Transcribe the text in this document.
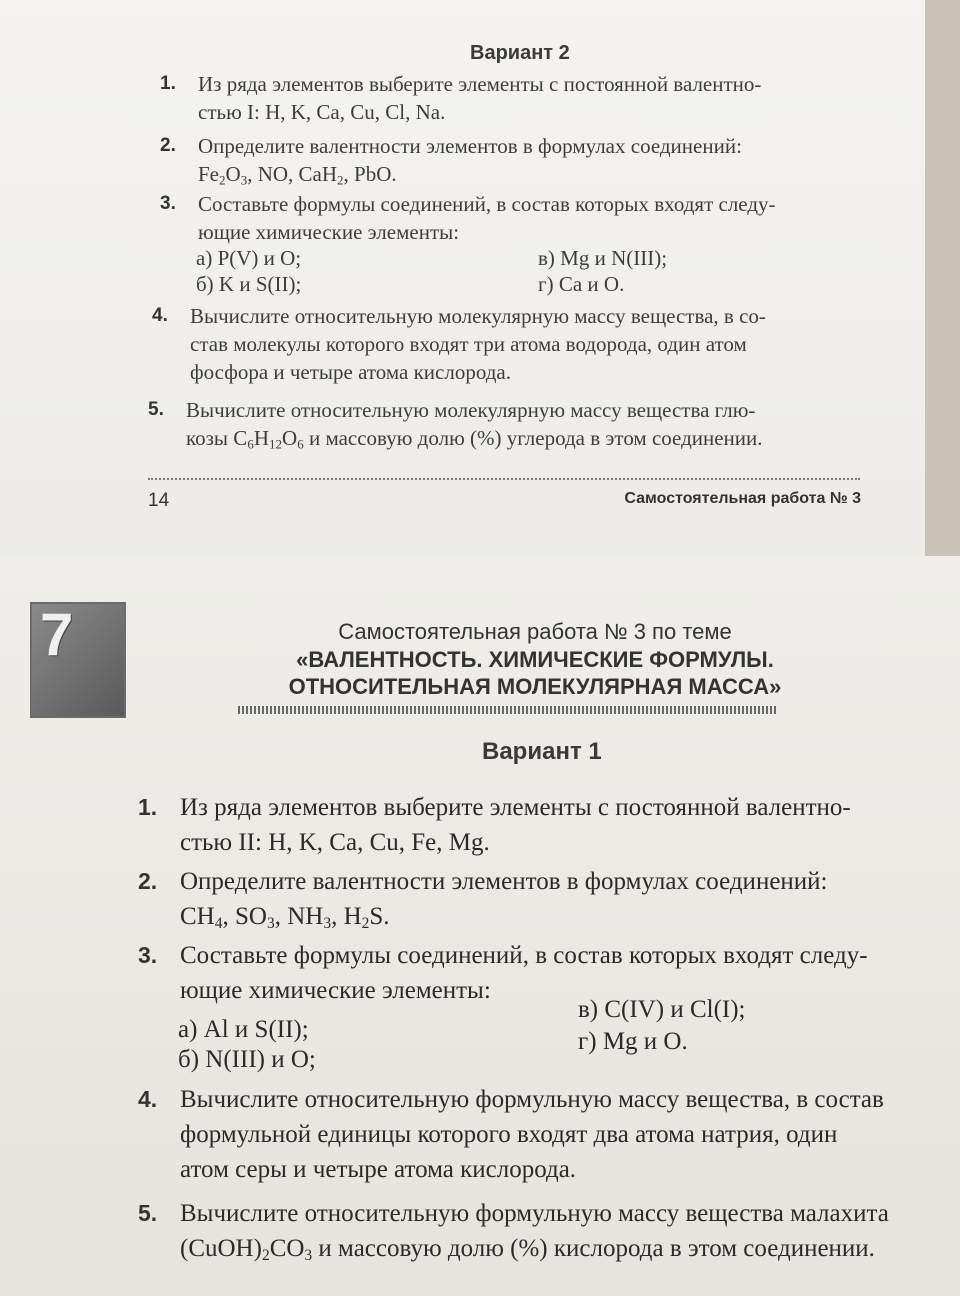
Вариант 2
1. Из ряда элементов выберите элементы с постоянной валентно-
стью I: H, K, Ca, Cu, Cl, Na.
2. Определите валентности элементов в формулах соединений:
$Fe_2O_3$, NO, CaH$_2$, PbO.
3. Составьте формулы соединений, в состав которых входят следу-
ющие химические элементы:
а) P(V) и O;
б) K и S(II);
в) Mg и N(III);
г) Ca и O.
4. Вычислите относительную молекулярную массу вещества, в со-
став молекулы которого входят три атома водорода, один атом
фосфора и четыре атома кислорода.
5. Вычислите относительную молекулярную массу вещества глю-
козы $C_6H_{12}O_6$ и массовую долю (%) углерода в этом соединении.
14	Самостоятельная работа № 3
7	Самостоятельная работа № 3 по теме
«ВАЛЕНТНОСТЬ. ХИМИЧЕСКИЕ ФОРМУЛЫ.
ОТНОСИТЕЛЬНАЯ МОЛЕКУЛЯРНАЯ МАССА»
Вариант 1
1. Из ряда элементов выберите элементы с постоянной валентно-
стью II: H, K, Ca, Cu, Fe, Mg.
2. Определите валентности элементов в формулах соединений:
$CH_4$, $SO_3$, $NH_3$, $H_2S$.
3. Составьте формулы соединений, в состав которых входят следу-
ющие химические элементы:
а) Al и S(II);
б) N(III) и O;
в) C(IV) и Cl(I);
г) Mg и O.
4. Вычислите относительную формульную массу вещества, в состав
формульной единицы которого входят два атома натрия, один
атом серы и четыре атома кислорода.
5. Вычислите относительную формульную массу вещества малахита
$(CuOH)_2CO_3$ и массовую долю (%) кислорода в этом соединении.
